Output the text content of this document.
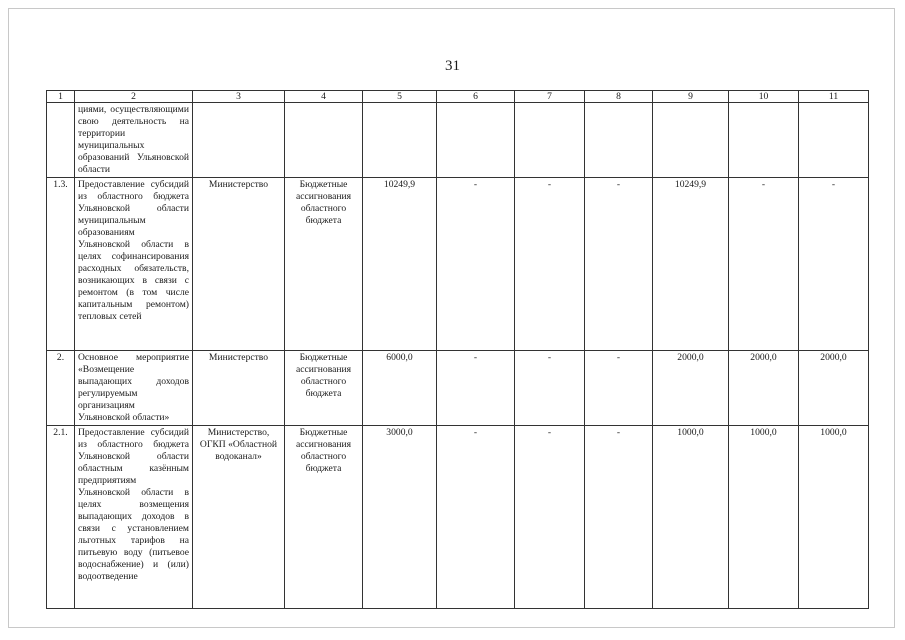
31
1	2	3	4	5	6	7	8	9	10	11
	циями, осуществляющими свою деятельность на территории муниципальных образований Ульяновской области									
1.3.	Предоставление субсидий из областного бюджета Ульяновской области муниципальным образованиям Ульяновской области в целях софинансирования расходных обязательств, возникающих в связи с ремонтом (в том числе капитальным ремонтом) тепловых сетей	Министерство	Бюджетные ассигнования областного бюджета	10249,9	-	-	-	10249,9	-	-
2.	Основное мероприятие «Возмещение выпадающих доходов регулируемым организациям Ульяновской области»	Министерство	Бюджетные ассигнования областного бюджета	6000,0	-	-	-	2000,0	2000,0	2000,0
2.1.	Предоставление субсидий из областного бюджета Ульяновской области областным казённым предприятиям Ульяновской области в целях возмещения выпадающих доходов в связи с установлением льготных тарифов на питьевую воду (питьевое водоснабжение) и (или) водоотведение	Министерство, ОГКП «Областной водоканал»	Бюджетные ассигнования областного бюджета	3000,0	-	-	-	1000,0	1000,0	1000,0
